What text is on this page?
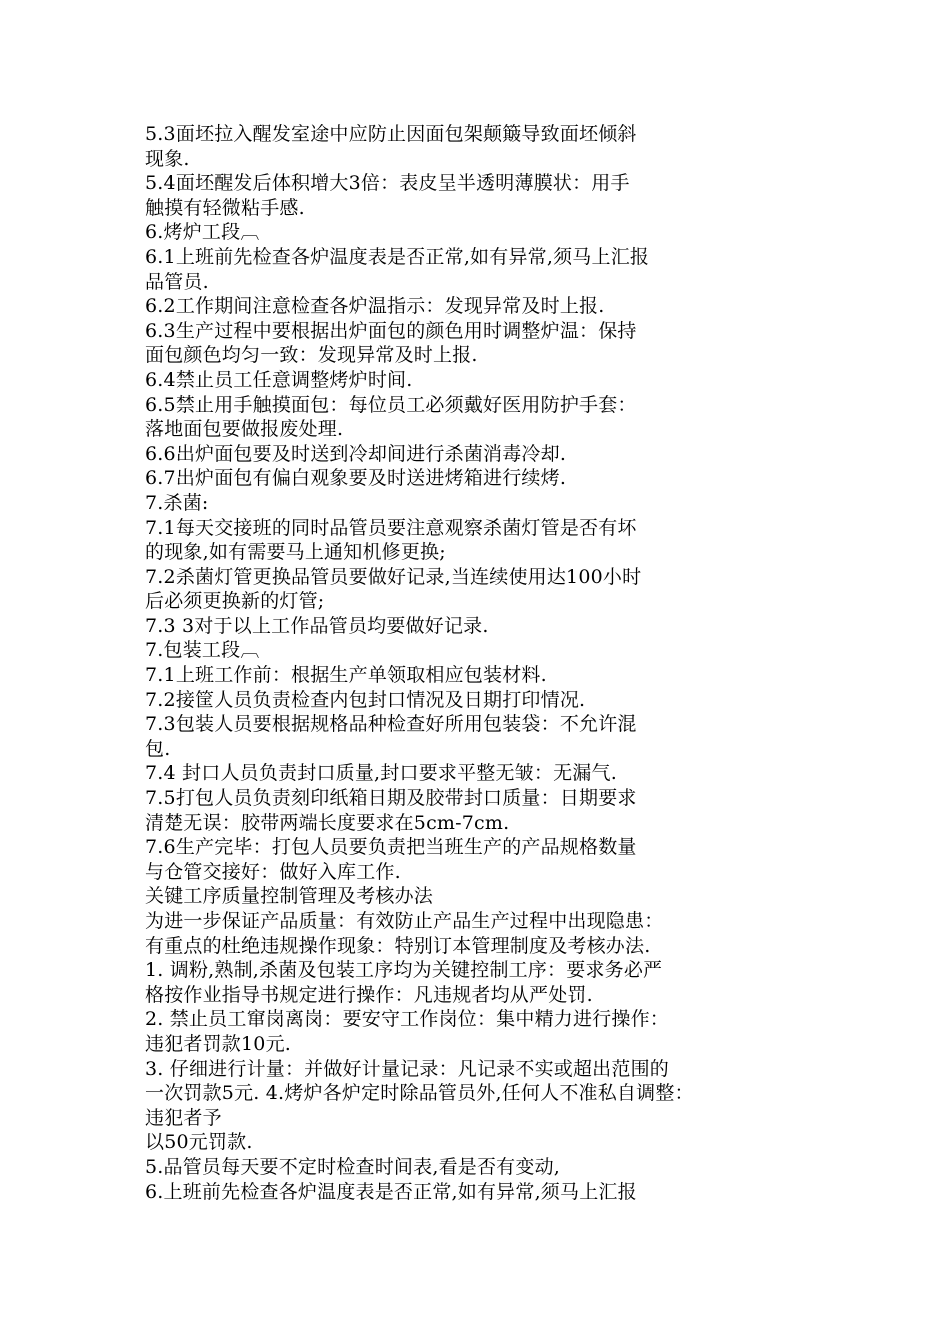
5.3面坯拉入醒发室途中应防止因面包架颠簸导致面坯倾斜
现象.
5.4面坯醒发后体积增大3倍：表皮呈半透明薄膜状：用手
触摸有轻微粘手感.
6.烤炉工段︹
6.1上班前先检查各炉温度表是否正常,如有异常,须马上汇报
品管员.
6.2工作期间注意检查各炉温指示：发现异常及时上报.
6.3生产过程中要根据出炉面包的颜色用时调整炉温：保持
面包颜色均匀一致：发现异常及时上报.
6.4禁止员工任意调整烤炉时间.
6.5禁止用手触摸面包：每位员工必须戴好医用防护手套：
落地面包要做报废处理.
6.6出炉面包要及时送到冷却间进行杀菌消毒冷却.
6.7出炉面包有偏白观象要及时送进烤箱进行续烤.
7.杀菌:
7.1每天交接班的同时品管员要注意观察杀菌灯管是否有坏
的现象,如有需要马上通知机修更换;
7.2杀菌灯管更换品管员要做好记录,当连续使用达100小时
后必须更换新的灯管;
7.3 3对于以上工作品管员均要做好记录.
7.包装工段︹
7.1上班工作前：根据生产单领取相应包装材料.
7.2接筐人员负责检查内包封口情况及日期打印情况.
7.3包装人员要根据规格品种检查好所用包装袋：不允许混
包.
7.4 封口人员负责封口质量,封口要求平整无皱：无漏气.
7.5打包人员负责刻印纸箱日期及胶带封口质量：日期要求
清楚无误：胶带两端长度要求在5cm-7cm.
7.6生产完毕：打包人员要负责把当班生产的产品规格数量
与仓管交接好：做好入库工作.
关键工序质量控制管理及考核办法
为进一步保证产品质量：有效防止产品生产过程中出现隐患：
有重点的杜绝违规操作现象：特别订本管理制度及考核办法.
1. 调粉,熟制,杀菌及包装工序均为关键控制工序：要求务必严
格按作业指导书规定进行操作：凡违规者均从严处罚.
2. 禁止员工窜岗离岗：要安守工作岗位：集中精力进行操作：
违犯者罚款10元.
3. 仔细进行计量：并做好计量记录：凡记录不实或超出范围的
一次罚款5元. 4.烤炉各炉定时除品管员外,任何人不准私自调整：
违犯者予
以50元罚款.
5.品管员每天要不定时检查时间表,看是否有变动,
6.上班前先检查各炉温度表是否正常,如有异常,须马上汇报
